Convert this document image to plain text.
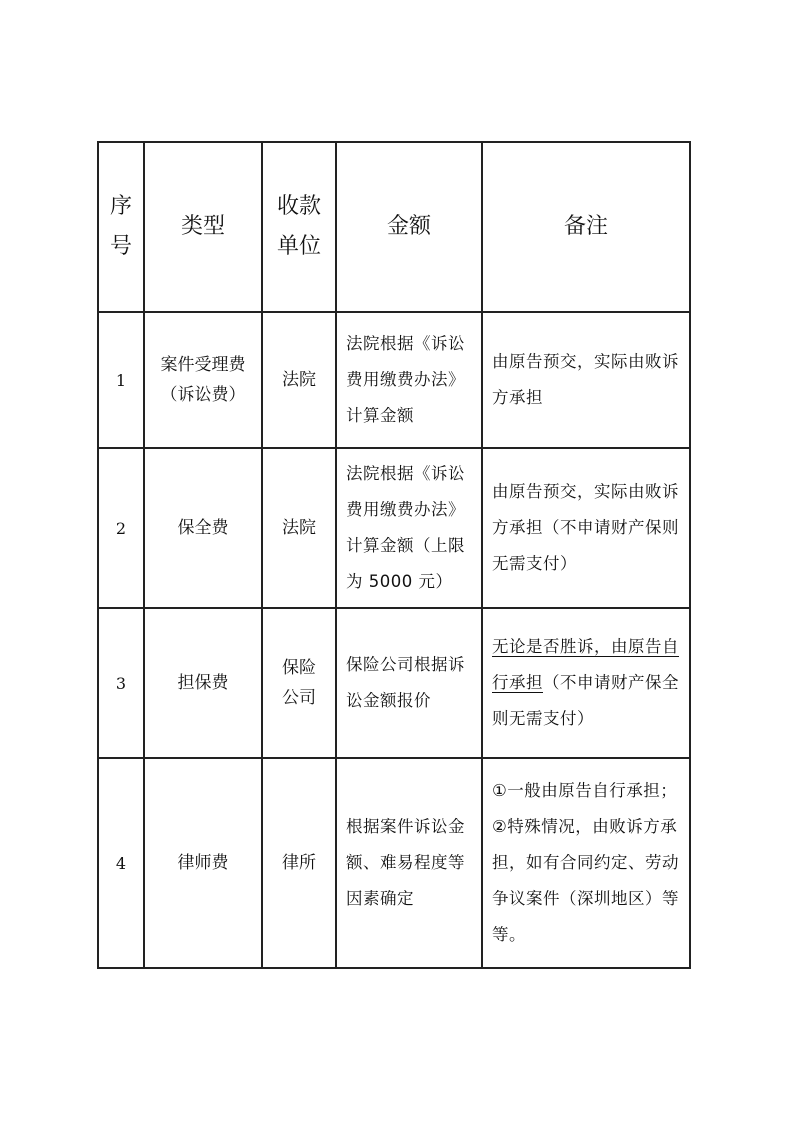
序号	类型	收款单位	金额	备注

1	案件受理费（诉讼费）	法院	法院根据《诉讼费用缴费办法》计算金额	由原告预交，实际由败诉方承担
2	保全费	法院	法院根据《诉讼费用缴费办法》计算金额（上限为 5000 元）	由原告预交，实际由败诉方承担（不申请财产保则无需支付）
3	担保费	保险公司	保险公司根据诉讼金额报价	无论是否胜诉，由原告自行承担（不申请财产保全则无需支付）
4	律师费	律所	根据案件诉讼金额、难易程度等因素确定	①一般由原告自行承担；
②特殊情况，由败诉方承担，如有合同约定、劳动争议案件（深圳地区）等等。
